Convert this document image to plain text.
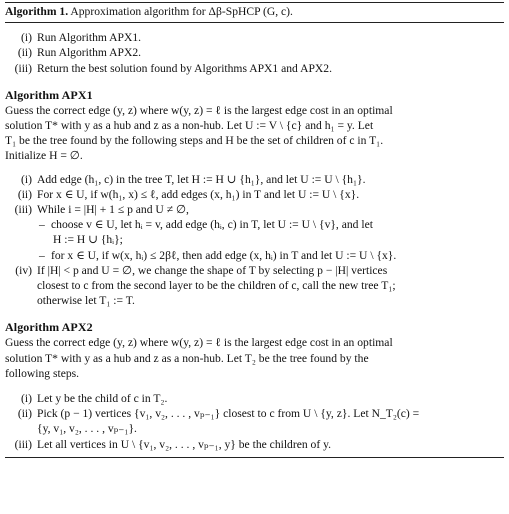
Algorithm 1. Approximation algorithm for Δβ-SpHCP (G, c).
(i) Run Algorithm APX1.
(ii) Run Algorithm APX2.
(iii) Return the best solution found by Algorithms APX1 and APX2.
Algorithm APX1
Guess the correct edge (y, z) where w(y, z) = ℓ is the largest edge cost in an optimal
solution T* with y as a hub and z as a non-hub. Let U := V \ {c} and h₁ = y. Let
T₁ be the tree found by the following steps and H be the set of children of c in T₁.
Initialize H = ∅.
(i) Add edge (h₁, c) in the tree T, let H := H ∪ {h₁}, and let U := U \ {h₁}.
(ii) For x ∈ U, if w(h₁, x) ≤ ℓ, add edges (x, h₁) in T and let U := U \ {x}.
(iii) While i = |H| + 1 ≤ p and U ≠ ∅,
– choose v ∈ U, let hᵢ = v, add edge (hᵢ, c) in T, let U := U \ {v}, and let
H := H ∪ {hᵢ};
– for x ∈ U, if w(x, hᵢ) ≤ 2βℓ, then add edge (x, hᵢ) in T and let U := U \ {x}.
(iv) If |H| < p and U = ∅, we change the shape of T by selecting p − |H| vertices
closest to c from the second layer to be the children of c, call the new tree T₁;
otherwise let T₁ := T.
Algorithm APX2
Guess the correct edge (y, z) where w(y, z) = ℓ is the largest edge cost in an optimal
solution T* with y as a hub and z as a non-hub. Let T₂ be the tree found by the
following steps.
(i) Let y be the child of c in T₂.
(ii) Pick (p − 1) vertices {v₁, v₂, . . . , vₚ₋₁} closest to c from U \ {y, z}. Let N_T₂(c) =
{y, v₁, v₂, . . . , vₚ₋₁}.
(iii) Let all vertices in U \ {v₁, v₂, . . . , vₚ₋₁, y} be the children of y.
